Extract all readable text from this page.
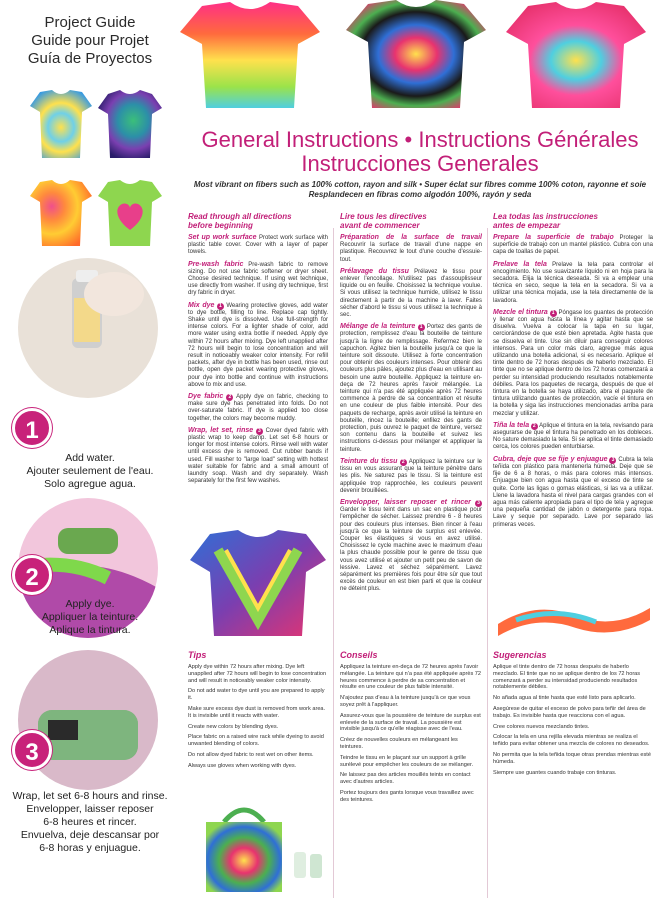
Project Guide
Guide pour Projet
Guía de Proyectos
1
Add water.
Ajouter seulement de l'eau.
Solo agregue agua.
2
Apply dye.
Appliquer la teinture.
Aplique la tintura.
3
Wrap, let set 6-8 hours and rinse.
Envelopper, laisser reposer
6-8 heures et rincer.
Envuelva, deje descansar por
6-8 horas y enjuague.
General Instructions • Instructions Générales
Instrucciones Generales
Most vibrant on fibers such as 100% cotton, rayon and silk • Super éclat sur fibres comme 100% coton, rayonne et soie
Resplandecen en fibras como algodón 100%, rayón y seda
Read through all directions
before beginning
Set up work surface Protect work surface with plastic table cover. Cover with a layer of paper towels.
Pre-wash fabric Pre-wash fabric to remove sizing. Do not use fabric softener or dryer sheet. Choose desired technique. If using wet technique, use directly from washer. If using dry technique, first dry fabric in dryer.
Mix dye 1 Wearing protective gloves, add water to dye bottle, filling to line. Replace cap tightly. Shake until dye is dissolved. Use full-strength for intense colors. For a lighter shade of color, add more water using extra bottle if needed. Apply dye within 72 hours after mixing. Dye left unapplied after 72 hours will begin to lose concentration and will result in noticeably weaker color intensity. For refill packets, after dye in bottle has been used, rinse out bottle, open dye packet wearing protective gloves, pour dye into bottle and continue with instructions above to mix and use.
Dye fabric 2 Apply dye on fabric, checking to make sure dye has penetrated into folds. Do not over-saturate fabric. If dye is applied too close together, the colors may become muddy.
Wrap, let set, rinse 3 Cover dyed fabric with plastic wrap to keep damp. Let set 6-8 hours or longer for most intense colors. Rinse well with water until excess dye is removed. Cut rubber bands if used. Fill washer to "large load" setting with hottest water suitable for fabric and a small amount of laundry soap. Wash and dry separately. Wash separately for the first few washes.
Lire tous les directives
avant de commencer
Préparation de la surface de travail Recouvrir la surface de travail d'une nappe en plastique. Recouvrez le tout d'une couche d'essuie-tout.
Prélavage du tissu Prélavez le tissu pour enlever l'encollage. N'utilisez pas d'assouplisseur liquide ou en feuille. Choisissez la technique voulue. Si vous utilisez la technique humide, utilisez le tissu directement à partir de la machine à laver. Faites sécher d'abord le tissu si vous utilisez la technique à sec.
Mélange de la teinture 1 Portez des gants de protection, remplissez d'eau la bouteille de teinture jusqu'à la ligne de remplissage. Refermez bien le capuchon. Agitez bien la bouteille jusqu'à ce que la teinture soit dissoute. Utilisez à forte concentration pour obtenir des couleurs intenses. Pour obtenir des couleurs plus pâles, ajoutez plus d'eau en utilisant au besoin une autre bouteille. Appliquez la teinture en-deça de 72 heures après l'avoir mélangée. La teinture qui n'a pas été appliquée après 72 heures commence à perdre de sa concentration et résulte en une couleur de plus faible intensité. Pour des paquets de recharge, après avoir utilisé la teinture en bouteille, rincez la bouteille; enfilez des gants de protection, puis ouvrez le paquet de teinture, versez son contenu dans la bouteille et suivez les instructions ci-dessus pour mélanger et appliquer la teinture.
Teinture du tissu 2 Appliquez la teinture sur le tissu en vous assurant que la teinture pénètre dans les plis. Ne saturez pas le tissu. Si la teinture est appliquée trop rapprochée, les couleurs peuvent devenir brouillées.
Envelopper, laisser reposer et rincer 3 Garder le tissu teint dans un sac en plastique pour l'empêcher de sécher. Laissez prendre 6 - 8 heures pour des couleurs plus intenses. Bien rincer à l'eau jusqu'à ce que la teinture de surplus est enlevée. Couper les élastiques si vous en avez utilisé. Choisissez le cycle machine avec le maximum d'eau la plus chaude possible pour le genre de tissu que vous avez utilisé et ajouter un petit peu de savon de lessive. Lavez et séchez séparément. Lavez séparément les premières fois pour être sûr que tout excès de couleur en est bien parti et que la couleur ne déteint plus.
Lea todas las instrucciones
antes de empezar
Prepare la superficie de trabajo Proteger la superficie de trabajo con un mantel plástico. Cubra con una capa de toallas de papel.
Prelave la tela Prelave la tela para controlar el encogimiento. No use suavizante líquido ni en hoja para la secadora. Elija la técnica deseada. Si va a emplear una técnica en seco, seque la tela en la secadora. Si va a utilizar una técnica mojada, use la tela directamente de la lavadora.
Mezcle el tintura 1 Póngase los guantes de protección y llenar con agua hasta la línea y agitar hasta que se disuelva. Vuelva a colocar la tapa en su lugar, cerciorándose de que esté bien apretada. Agite hasta que se disuelva el tinte. Use sin diluir para conseguir colores intensos. Para un color más claro, agregue más agua utilizando una botella adicional, si es necesario. Aplique el tinte dentro de 72 horas después de haberlo mezclado. El tinte que no se aplique dentro de los 72 horas comenzará a perder su intensidad produciendo resultados notablemente débiles. Para los paquetes de recarga, después de que el tintura en la botella se haya utilizado, abra el paquete de tintura utilizando guantes de protección, vacíe el tintura en la botella y siga las instrucciones mencionadas arriba para mezclar y utilizar.
Tiña la tela 2 Aplique el tintura en la tela, revisando para asegurarse de que el tintura ha penetrado en los dobleces. No sature demasiado la tela. Si se aplica el tinte demasiado cerca, los colores pueden enturbiarse.
Cubra, deje que se fije y enjuague 3 Cubra la tela teñida con plástico para mantenerla húmeda. Deje que se fije de 6 a 8 horas, o más para colores más intensos. Enjuague bien con agua hasta que el exceso de tinte se quite. Corte las ligas o gomas elásticas, si las va a utilizar. Llene la lavadora hasta el nivel para cargas grandes con el agua más caliente apropiada para el tipo de tela y agregue una pequeña cantidad de jabón o detergente para ropa. Lave y seque por separado. Lave por separado las primeras veces.
Tips

Apply dye within 72 hours after mixing. Dye left unapplied after 72 hours will begin to lose concentration and will result in noticeably weaker color intensity.

Do not add water to dye until you are prepared to apply it.

Make sure excess dye dust is removed from work area. It is invisible until it reacts with water.

Create new colors by blending dyes.

Place fabric on a raised wire rack while dyeing to avoid unwanted blending of colors.

Do not allow dyed fabric to rest wet on other items.

Always use gloves when working with dyes.

Conseils

Appliquez la teinture en-deça de 72 heures après l'avoir mélangée. La teinture qui n'a pas été appliquée après 72 heures commence à perdre de sa concentration et résulte en une couleur de plus faible intensité.

N'ajoutez pas d'eau à la teinture jusqu'à ce que vous soyez prêt à l'appliquer.

Assurez-vous que la poussière de teinture de surplus est enlevée de la surface de travail. La poussière est invisible jusqu'à ce qu'elle réagisse avec de l'eau.

Créez de nouvelles couleurs en mélangeant les teintures.

Teindre le tissu en le plaçant sur un support à grille surélevé pour empêcher les couleurs de se mélanger.

Ne laissez pas des articles mouillés teints en contact avec d'autres articles.

Portez toujours des gants lorsque vous travaillez avec des teintures.

Sugerencias

Aplique el tinte dentro de 72 horas después de haberlo mezclado. El tinte que no se aplique dentro de los 72 horas comenzará a perder su intensidad produciendo resultados notablemente débiles.

No añada agua al tinte hasta que esté listo para aplicarlo.

Asegúrese de quitar el exceso de polvo para teñir del área de trabajo. Es invisible hasta que reacciona con el agua.

Cree colores nuevos mezclando tintes.

Colocar la tela en una rejilla elevada mientras se realiza el teñido para evitar obtener una mezcla de colores no deseados.

No permita que la tela teñida toque otras prendas mientras esté húmeda.

Siempre use guantes cuando trabaje con tinturas.
